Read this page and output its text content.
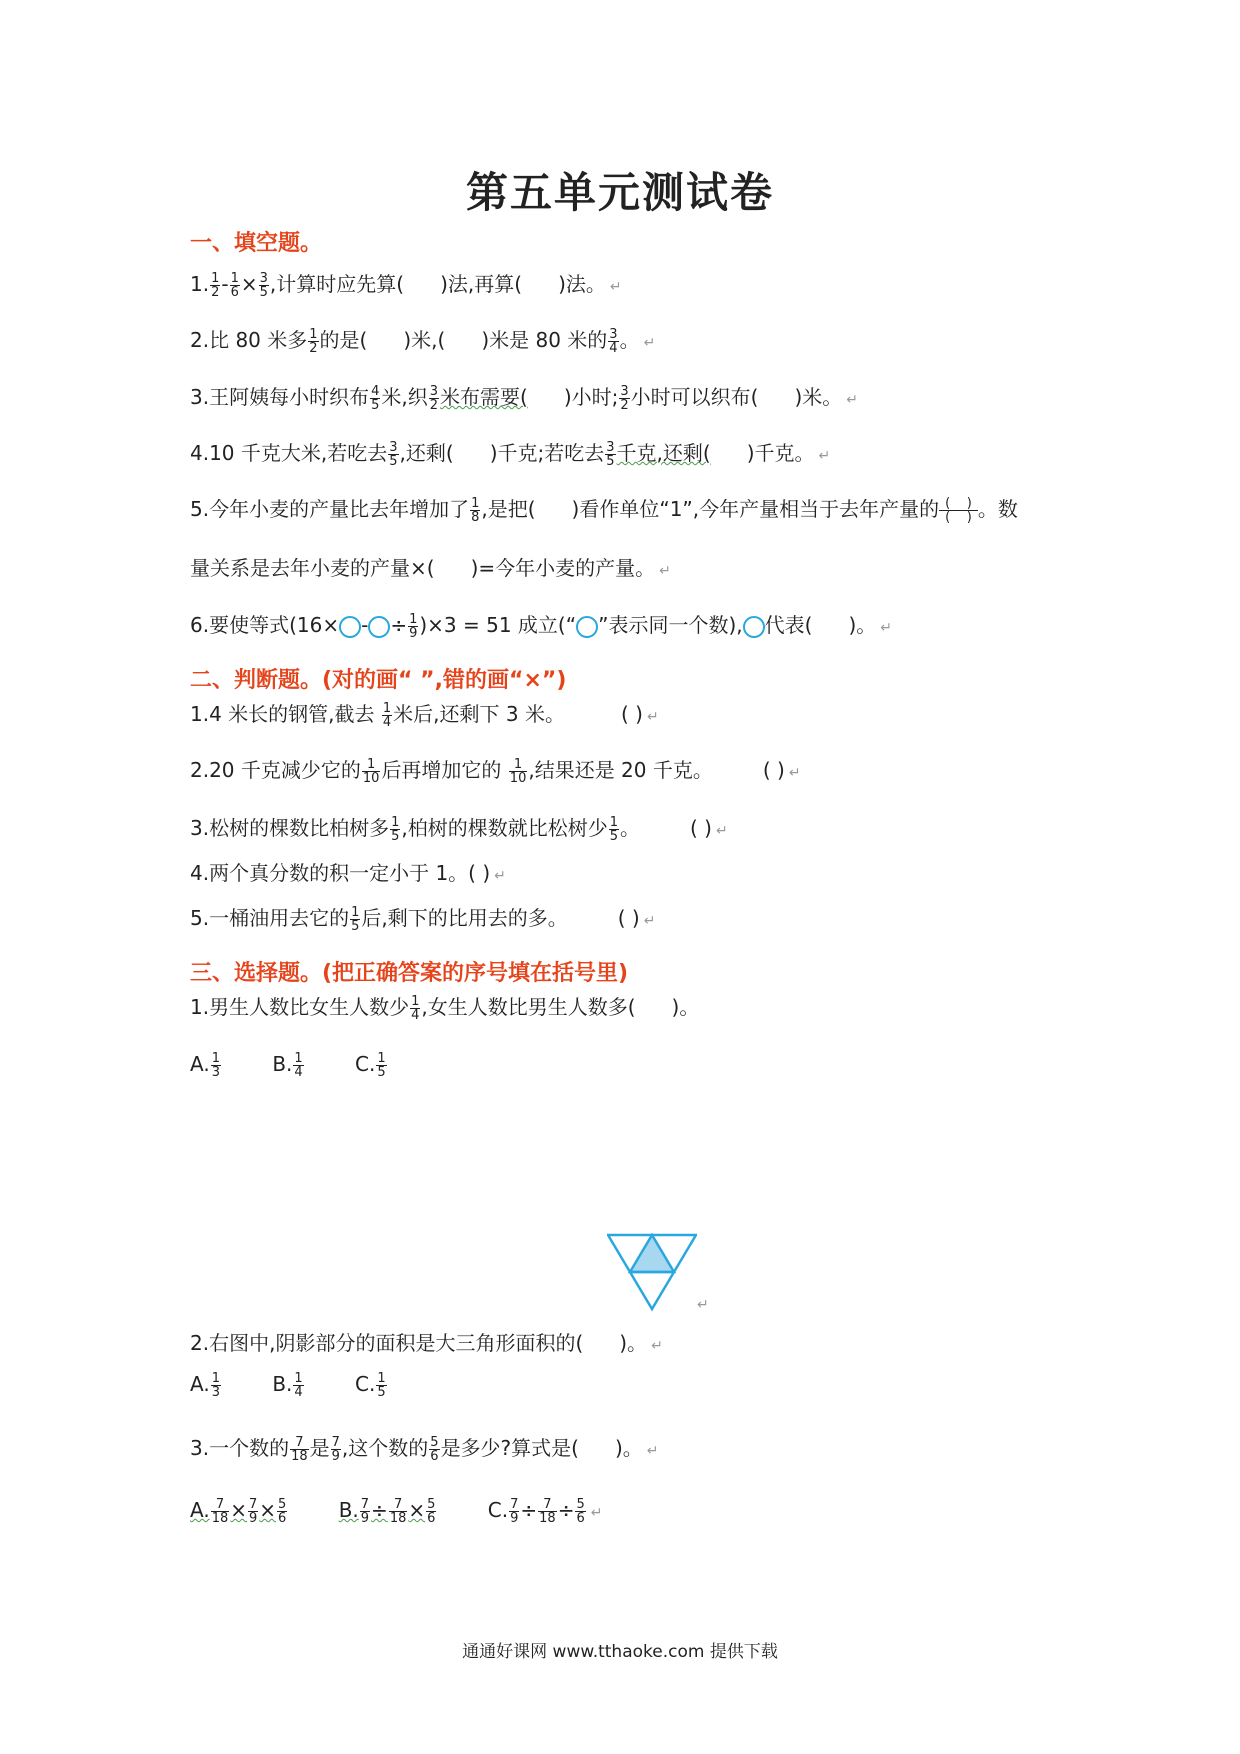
第五单元测试卷
一、填空题。
1. $\frac{1}{2} - \frac{1}{6} \times \frac{3}{5}$ ,计算时应先算( )法,再算( )法。 ↵
2.比 80 米多 $\frac{1}{2}$ 的是( )米,( )米是 80 米的 $\frac{3}{4}$ 。 ↵
3.王阿姨每小时织布 $\frac{4}{5}$ 米,织 $\frac{3}{2}$ 米布需要( )小时; $\frac{3}{2}$ 小时可以织布( )米。 ↵
4.10 千克大米,若吃去 $\frac{3}{5}$ ,还剩( )千克;若吃去 $\frac{3}{5}$ 千克,还剩( )千克。 ↵
5.今年小麦的产量比去年增加了 $\frac{1}{8}$ ,是把( )看作单位“1”,今年产量相当于去年产量的 (    )
(    ) 。数
量关系是去年小麦的产量×( )=今年小麦的产量。 ↵
6.要使等式(16× - ÷ $\frac{1}{9} )\times 3 = 51$ 成立(“ ”表示同一个数), 代表( )。 ↵
二、判断题。(对的画“ ”,错的画“×”)
1.4 米长的钢管,截去 $\frac{1}{4}$ 米后,还剩下 3 米。	( ) ↵
2.20 千克减少它的 $\frac{1}{10}$ 后再增加它的 $\frac{1}{10}$ ,结果还是 20 千克。	( ) ↵
3.松树的棵数比柏树多 $\frac{1}{5}$ ,柏树的棵数就比松树少 $\frac{1}{5}$ 。	( ) ↵
4.两个真分数的积一定小于 1。( ) ↵
5.一桶油用去它的 $\frac{1}{5}$ 后,剩下的比用去的多。	( ) ↵
三、选择题。(把正确答案的序号填在括号里)
1.男生人数比女生人数少 $\frac{1}{4}$ ,女生人数比男生人数多( )。
A. $\frac{1}{3}$	B. $\frac{1}{4}$	C. $\frac{1}{5}$
↵
2.右图中,阴影部分的面积是大三角形面积的( )。 ↵
A. $\frac{1}{3}$	B. $\frac{1}{4}$	C. $\frac{1}{5}$
3.一个数的 $\frac{7}{18}$ 是 $\frac{7}{9}$ ,这个数的 $\frac{5}{6}$ 是多少?算式是( )。 ↵
A. $\frac{7}{18} \times \frac{7}{9} \times \frac{5}{6}$	B. $\frac{7}{9} \div \frac{7}{18} \times \frac{5}{6}$	C. $\frac{7}{9} \div \frac{7}{18} \div \frac{5}{6}$ ↵
通通好课网 www.tthaoke.com 提供下载
